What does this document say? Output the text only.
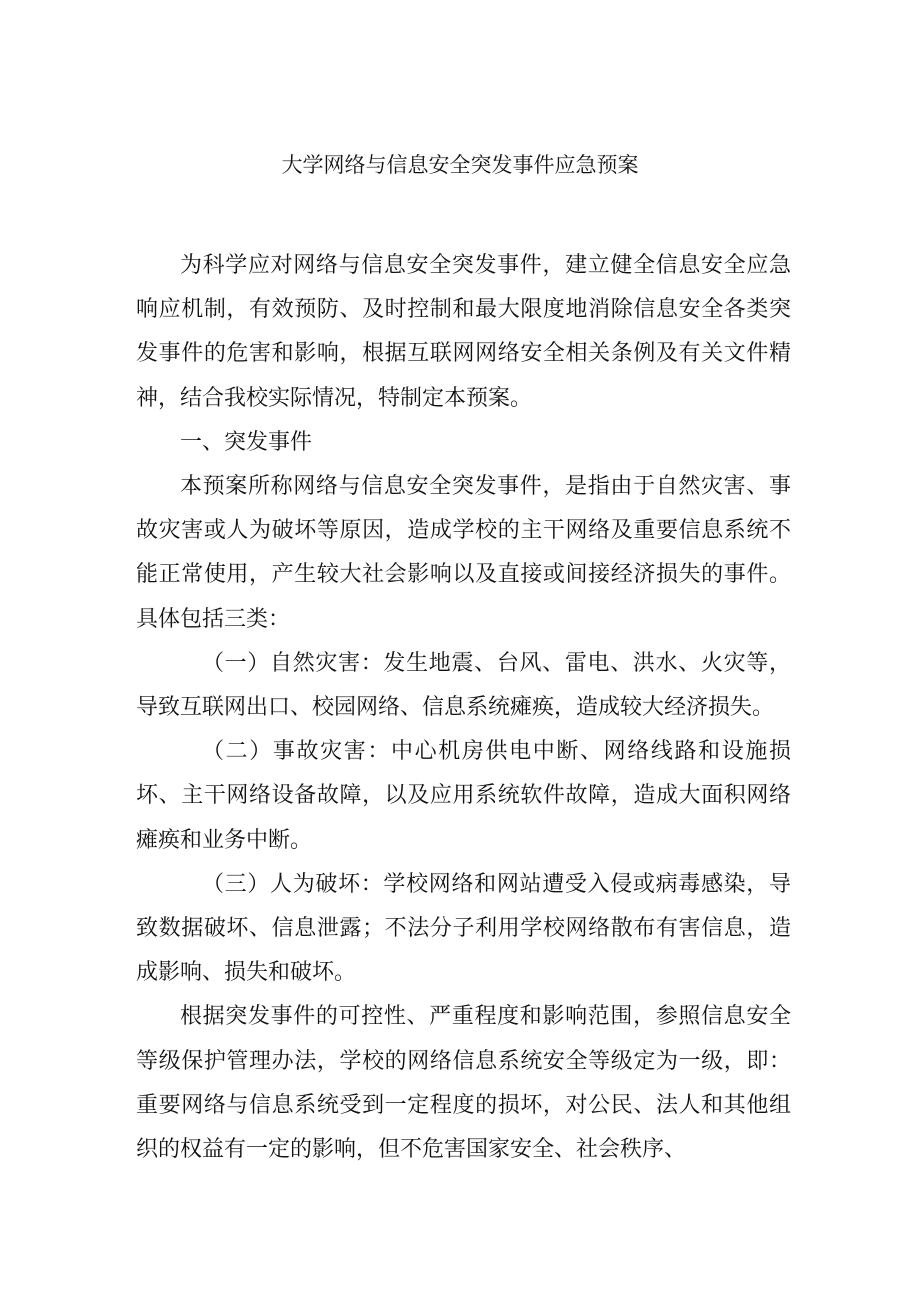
大学网络与信息安全突发事件应急预案

为科学应对网络与信息安全突发事件，建立健全信息安全应急响应机制，有效预防、及时控制和最大限度地消除信息安全各类突发事件的危害和影响，根据互联网网络安全相关条例及有关文件精神，结合我校实际情况，特制定本预案。

一、突发事件

本预案所称网络与信息安全突发事件，是指由于自然灾害、事故灾害或人为破坏等原因，造成学校的主干网络及重要信息系统不能正常使用，产生较大社会影响以及直接或间接经济损失的事件。具体包括三类：

（一）自然灾害：发生地震、台风、雷电、洪水、火灾等，导致互联网出口、校园网络、信息系统瘫痪，造成较大经济损失。

（二）事故灾害：中心机房供电中断、网络线路和设施损坏、主干网络设备故障，以及应用系统软件故障，造成大面积网络瘫痪和业务中断。

（三）人为破坏：学校网络和网站遭受入侵或病毒感染，导致数据破坏、信息泄露；不法分子利用学校网络散布有害信息，造成影响、损失和破坏。

根据突发事件的可控性、严重程度和影响范围，参照信息安全等级保护管理办法，学校的网络信息系统安全等级定为一级，即：重要网络与信息系统受到一定程度的损坏，对公民、法人和其他组织的权益有一定的影响，但不危害国家安全、社会秩序、
